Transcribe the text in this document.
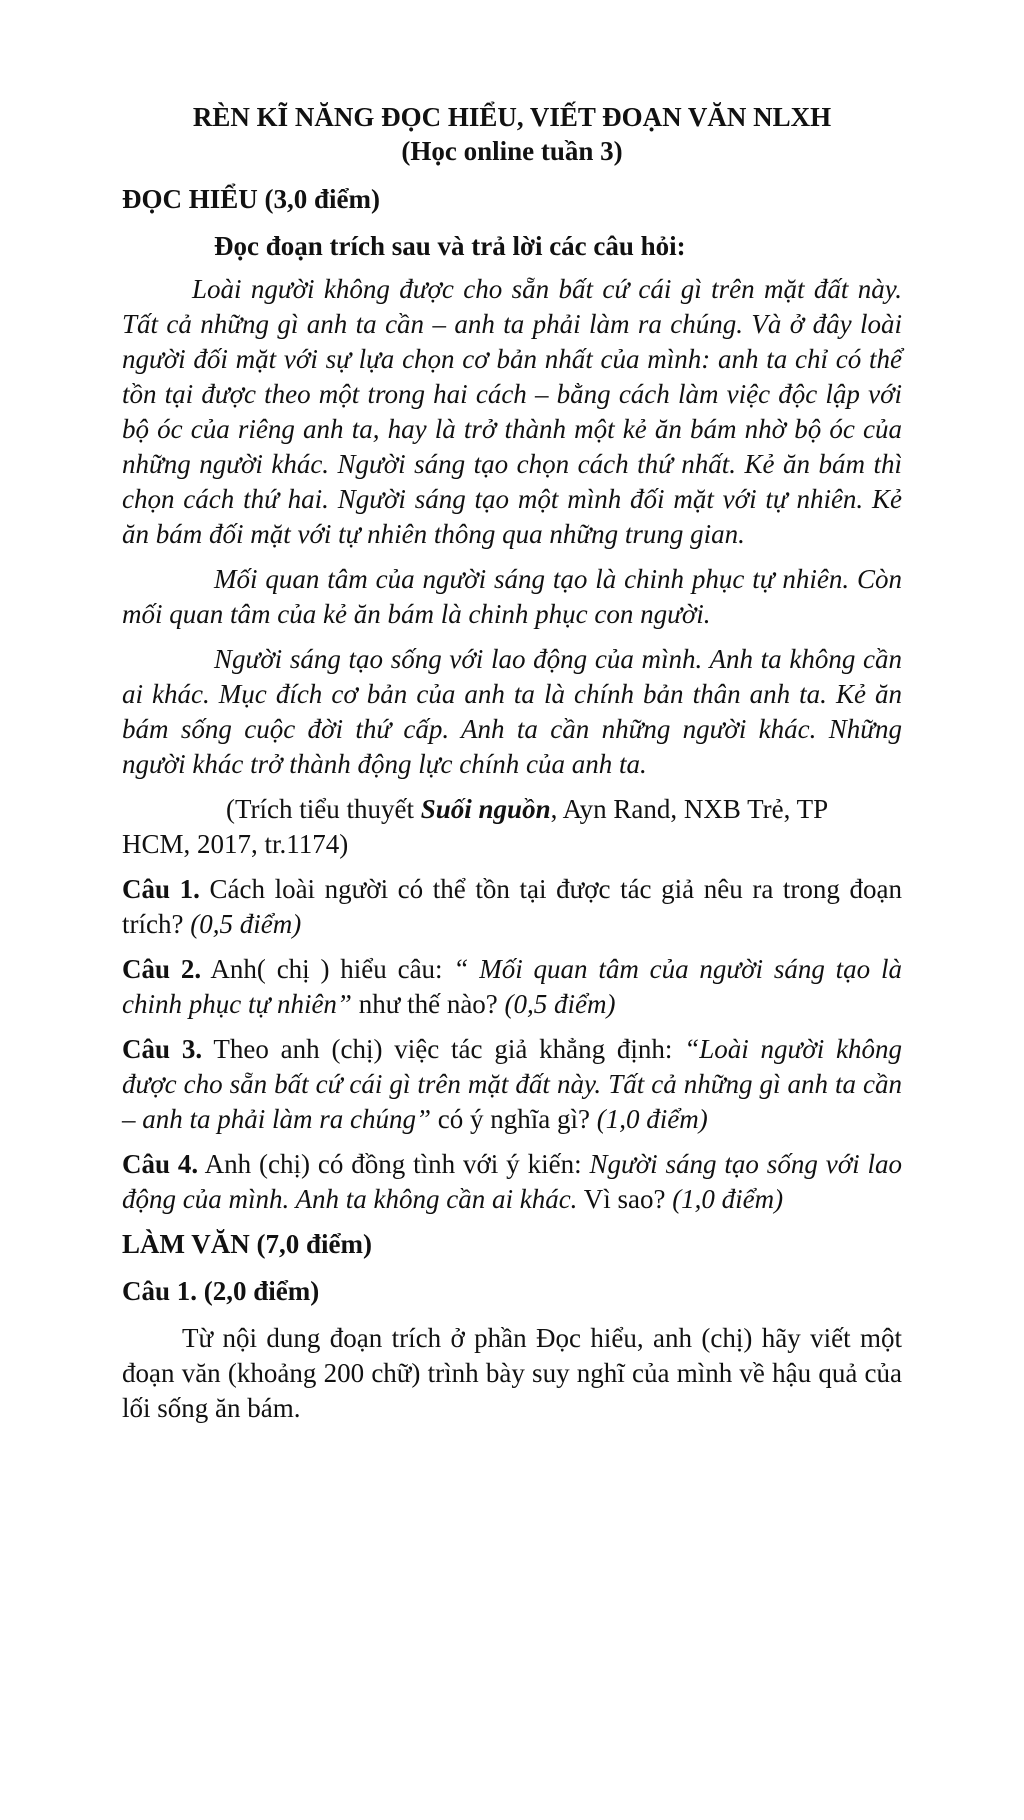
RÈN KĨ NĂNG ĐỌC HIỂU, VIẾT ĐOẠN VĂN NLXH
(Học online tuần 3)
ĐỌC HIỂU (3,0 điểm)
Đọc đoạn trích sau và trả lời các câu hỏi:

Loài người không được cho sẵn bất cứ cái gì trên mặt đất này. Tất cả những gì anh ta cần – anh ta phải làm ra chúng. Và ở đây loài người đối mặt với sự lựa chọn cơ bản nhất của mình: anh ta chỉ có thể tồn tại được theo một trong hai cách – bằng cách làm việc độc lập với bộ óc của riêng anh ta, hay là trở thành một kẻ ăn bám nhờ bộ óc của những người khác. Người sáng tạo chọn cách thứ nhất. Kẻ ăn bám thì chọn cách thứ hai. Người sáng tạo một mình đối mặt với tự nhiên. Kẻ ăn bám đối mặt với tự nhiên thông qua những trung gian.

Mối quan tâm của người sáng tạo là chinh phục tự nhiên. Còn mối quan tâm của kẻ ăn bám là chinh phục con người.

Người sáng tạo sống với lao động của mình. Anh ta không cần ai khác. Mục đích cơ bản của anh ta là chính bản thân anh ta. Kẻ ăn bám sống cuộc đời thứ cấp. Anh ta cần những người khác. Những người khác trở thành động lực chính của anh ta.

(Trích tiểu thuyết Suối nguồn, Ayn Rand, NXB Trẻ, TP HCM, 2017, tr.1174)

Câu 1. Cách loài người có thể tồn tại được tác giả nêu ra trong đoạn trích? (0,5 điểm)

Câu 2. Anh( chị ) hiểu câu: “ Mối quan tâm của người sáng tạo là chinh phục tự nhiên” như thế nào? (0,5 điểm)

Câu 3. Theo anh (chị) việc tác giả khẳng định: “Loài người không được cho sẵn bất cứ cái gì trên mặt đất này. Tất cả những gì anh ta cần – anh ta phải làm ra chúng” có ý nghĩa gì? (1,0 điểm)

Câu 4. Anh (chị) có đồng tình với ý kiến: Người sáng tạo sống với lao động của mình. Anh ta không cần ai khác. Vì sao? (1,0 điểm)

LÀM VĂN (7,0 điểm)
Câu 1. (2,0 điểm)

Từ nội dung đoạn trích ở phần Đọc hiểu, anh (chị) hãy viết một đoạn văn (khoảng 200 chữ) trình bày suy nghĩ của mình về hậu quả của lối sống ăn bám.
